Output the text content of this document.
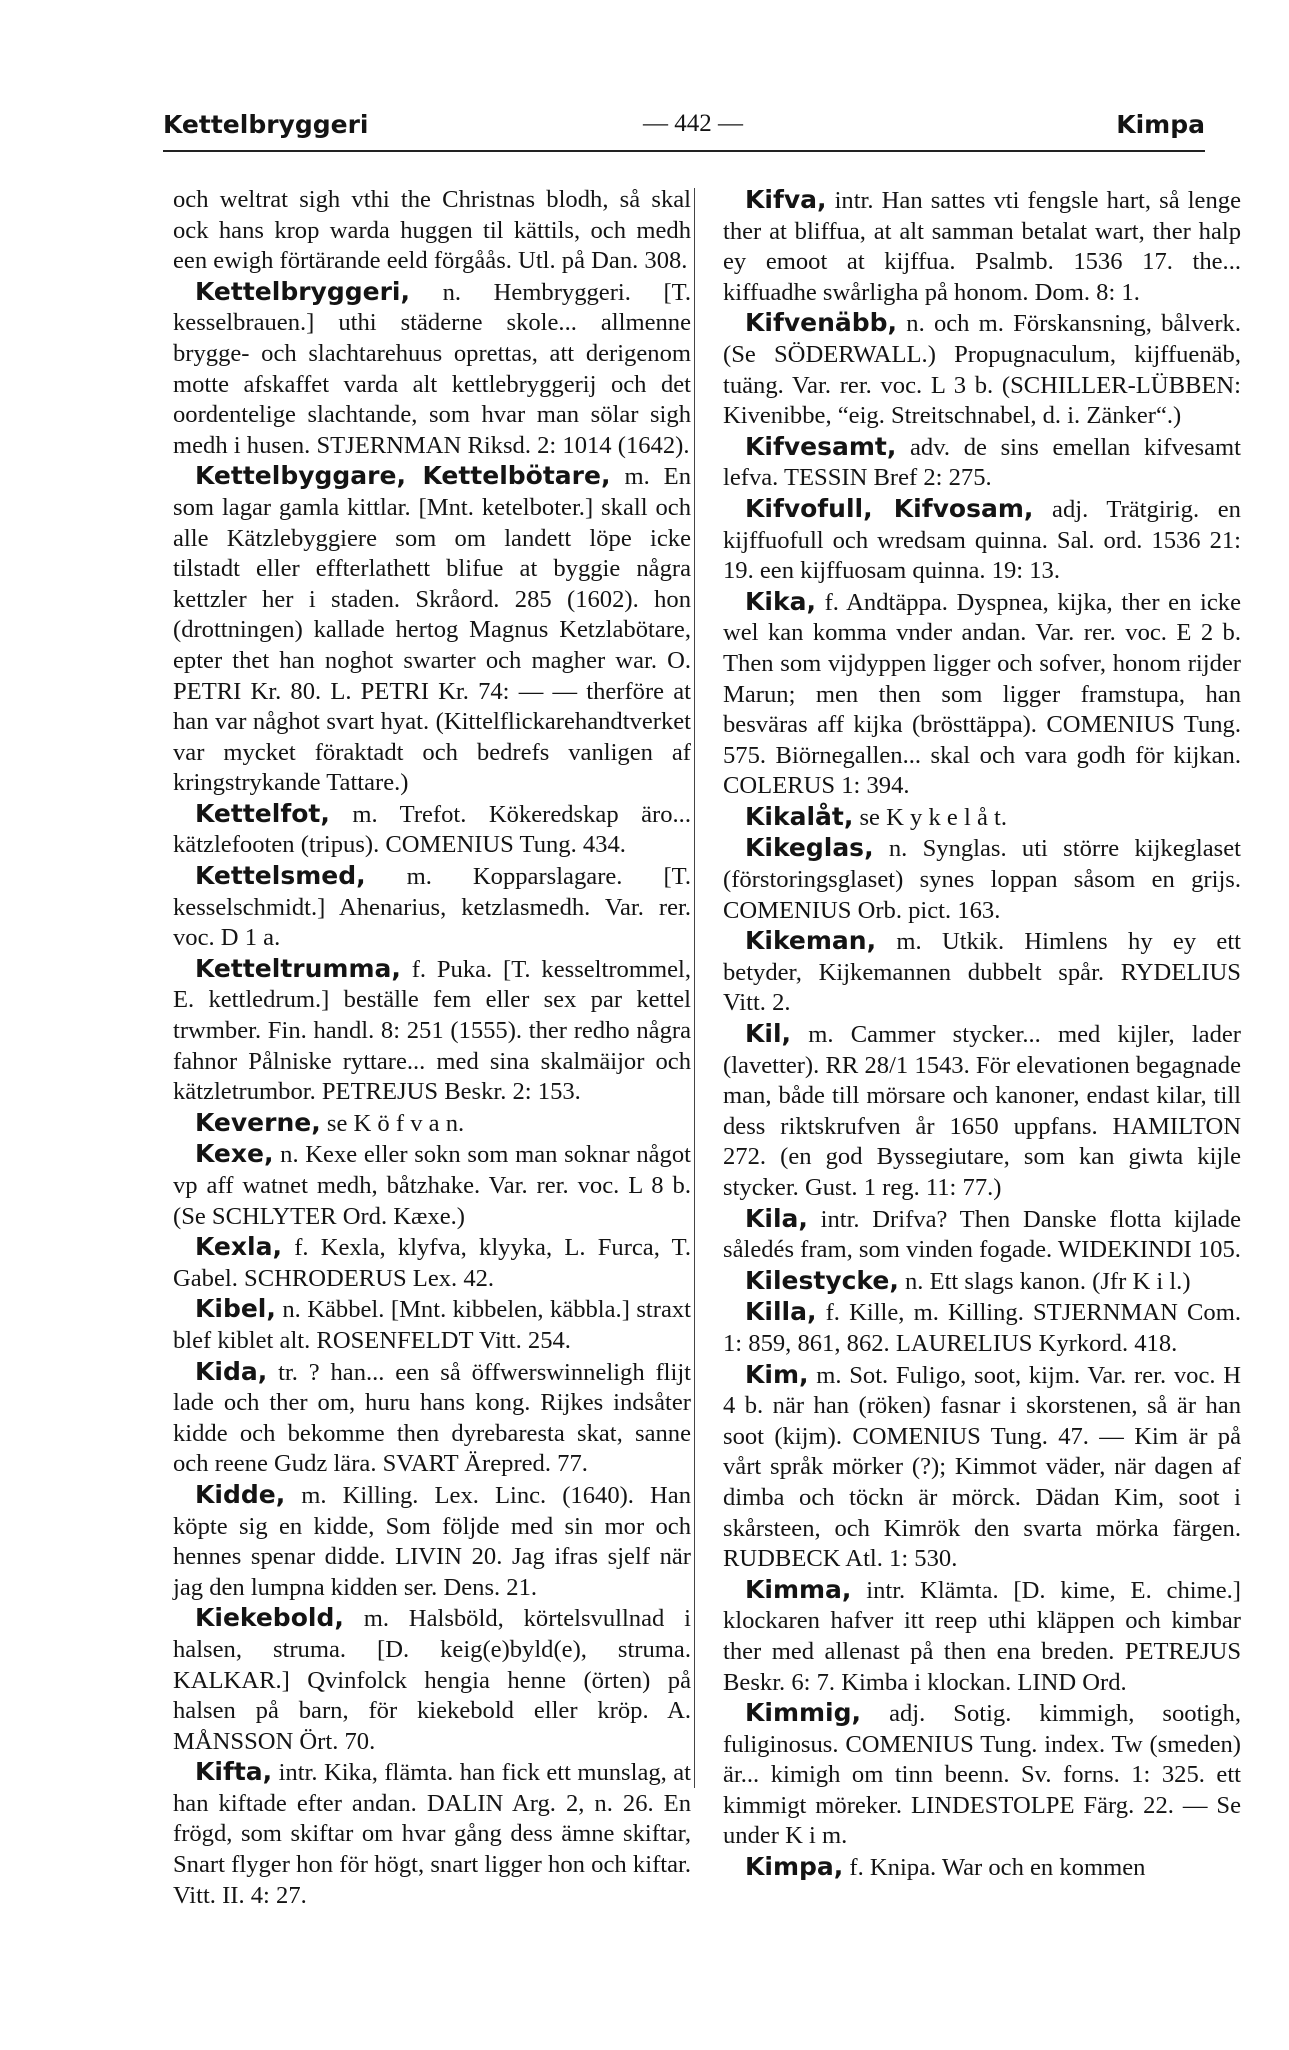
Kettelbryggeri	— 442 —	Kimpa

och weltrat sigh vthi the Christnas blodh, så skal ock hans krop warda huggen til kättils, och medh een ewigh förtärande eeld förgåås. Utl. på Dan. 308.

Kettelbryggeri, n. Hembryggeri. [T. kesselbrauen.] uthi städerne skole... allmenne brygge- och slachtarehuus oprettas, att derigenom motte afskaffet varda alt kettlebryggerij och det oordentelige slachtande, som hvar man sölar sigh medh i husen. STJERNMAN Riksd. 2: 1014 (1642).

Kettelbyggare, Kettelbötare, m. En som lagar gamla kittlar. [Mnt. ketelboter.] skall och alle Kätzlebyggiere som om landett löpe icke tilstadt eller effterlathett blifue at byggie några kettzler her i staden. Skråord. 285 (1602). hon (drottningen) kallade hertog Magnus Ketzlabötare, epter thet han noghot swarter och magher war. O. PETRI Kr. 80. L. PETRI Kr. 74: — — therföre at han var någhot svart hyat. (Kittelflickarehandtverket var mycket föraktadt och bedrefs vanligen af kringstrykande Tattare.)

Kettelfot, m. Trefot. Kökeredskap äro... kätzlefooten (tripus). COMENIUS Tung. 434.

Kettelsmed, m. Kopparslagare. [T. kesselschmidt.] Ahenarius, ketzlasmedh. Var. rer. voc. D 1 a.

Ketteltrumma, f. Puka. [T. kesseltrommel, E. kettledrum.] beställe fem eller sex par kettel trwmber. Fin. handl. 8: 251 (1555). ther redho några fahnor Pålniske ryttare... med sina skalmäijor och kätzletrumbor. PETREJUS Beskr. 2: 153.

Keverne, se K ö f v a n.

Kexe, n. Kexe eller sokn som man soknar något vp aff watnet medh, båtzhake. Var. rer. voc. L 8 b. (Se SCHLYTER Ord. Kæxe.)

Kexla, f. Kexla, klyfva, klyyka, L. Furca, T. Gabel. SCHRODERUS Lex. 42.

Kibel, n. Käbbel. [Mnt. kibbelen, käbbla.] straxt blef kiblet alt. ROSENFELDT Vitt. 254.

Kida, tr. ? han... een så öffwerswinneligh flijt lade och ther om, huru hans kong. Rijkes indsåter kidde och bekomme then dyrebaresta skat, sanne och reene Gudz lära. SVART Ärepred. 77.

Kidde, m. Killing. Lex. Linc. (1640). Han köpte sig en kidde, Som följde med sin mor och hennes spenar didde. LIVIN 20. Jag ifras sjelf när jag den lumpna kidden ser. Dens. 21.

Kiekebold, m. Halsböld, körtelsvullnad i halsen, struma. [D. keig(e)byld(e), struma. KALKAR.] Qvinfolck hengia henne (örten) på halsen på barn, för kiekebold eller kröp. A. MÅNSSON Ört. 70.

Kifta, intr. Kika, flämta. han fick ett munslag, at han kiftade efter andan. DALIN Arg. 2, n. 26. En frögd, som skiftar om hvar gång dess ämne skiftar, Snart flyger hon för högt, snart ligger hon och kiftar. Vitt. II. 4: 27.

Kifva, intr. Han sattes vti fengsle hart, så lenge ther at bliffua, at alt samman betalat wart, ther halp ey emoot at kijffua. Psalmb. 1536 17. the... kiffuadhe swårligha på honom. Dom. 8: 1.

Kifvenäbb, n. och m. Förskansning, bålverk. (Se SÖDERWALL.) Propugnaculum, kijffuenäb, tuäng. Var. rer. voc. L 3 b. (SCHILLER-LÜBBEN: Kivenibbe, “eig. Streitschnabel, d. i. Zänker“.)

Kifvesamt, adv. de sins emellan kifvesamt lefva. TESSIN Bref 2: 275.

Kifvofull, Kifvosam, adj. Trätgirig. en kijffuofull och wredsam quinna. Sal. ord. 1536 21: 19. een kijffuosam quinna. 19: 13.

Kika, f. Andtäppa. Dyspnea, kijka, ther en icke wel kan komma vnder andan. Var. rer. voc. E 2 b. Then som vijdyppen ligger och sofver, honom rijder Marun; men then som ligger framstupa, han besväras aff kijka (brösttäppa). COMENIUS Tung. 575. Biörnegallen... skal och vara godh för kijkan. COLERUS 1: 394.

Kikalåt, se K y k e l å t.

Kikeglas, n. Synglas. uti större kijkeglaset (förstoringsglaset) synes loppan såsom en grijs. COMENIUS Orb. pict. 163.

Kikeman, m. Utkik. Himlens hy ey ett betyder, Kijkemannen dubbelt spår. RYDELIUS Vitt. 2.

Kil, m. Cammer stycker... med kijler, lader (lavetter). RR 28/1 1543. För elevationen begagnade man, både till mörsare och kanoner, endast kilar, till dess riktskrufven år 1650 uppfans. HAMILTON 272. (en god Byssegiutare, som kan giwta kijle stycker. Gust. 1 reg. 11: 77.)

Kila, intr. Drifva? Then Danske flotta kijlade såledés fram, som vinden fogade. WIDEKINDI 105.

Kilestycke, n. Ett slags kanon. (Jfr K i l.)

Killa, f. Kille, m. Killing. STJERNMAN Com. 1: 859, 861, 862. LAURELIUS Kyrkord. 418.

Kim, m. Sot. Fuligo, soot, kijm. Var. rer. voc. H 4 b. när han (röken) fasnar i skorstenen, så är han soot (kijm). COMENIUS Tung. 47. — Kim är på vårt språk mörker (?); Kimmot väder, när dagen af dimba och töckn är mörck. Dädan Kim, soot i skårsteen, och Kimrök den svarta mörka färgen. RUDBECK Atl. 1: 530.

Kimma, intr. Klämta. [D. kime, E. chime.] klockaren hafver itt reep uthi kläppen och kimbar ther med allenast på then ena breden. PETREJUS Beskr. 6: 7. Kimba i klockan. LIND Ord.

Kimmig, adj. Sotig. kimmigh, sootigh, fuliginosus. COMENIUS Tung. index. Tw (smeden) är... kimigh om tinn beenn. Sv. forns. 1: 325. ett kimmigt möreker. LINDESTOLPE Färg. 22. — Se under K i m.

Kimpa, f. Knipa. War och en kommen
